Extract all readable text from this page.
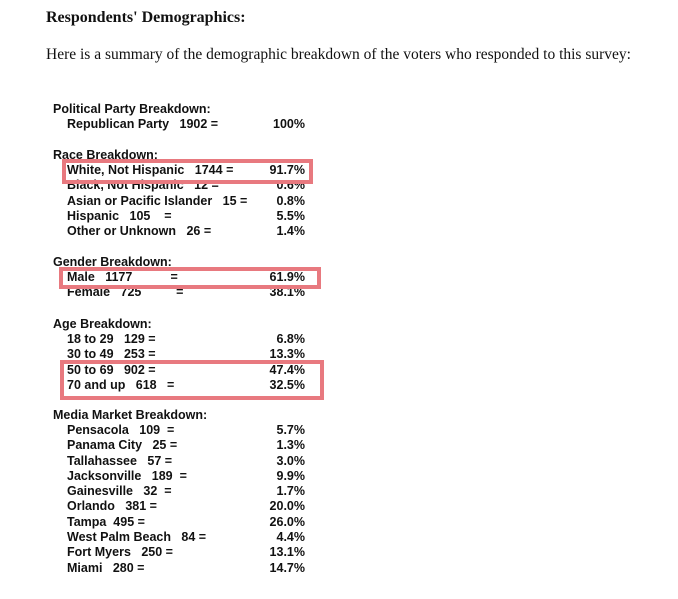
Respondents' Demographics:
Here is a summary of the demographic breakdown of the voters who responded to this survey:
Political Party Breakdown:
Republican Party   1902 =	100%
Race Breakdown:
White, Not Hispanic   1744 =	91.7%
Black, Not Hispanic   12 =	0.6%
Asian or Pacific Islander   15 =	0.8%
Hispanic   105    =	5.5%
Other or Unknown   26 =	1.4%
Gender Breakdown:
Male   1177           =	61.9%
Female   725          =	38.1%
Age Breakdown:
18 to 29   129 =	6.8%
30 to 49   253 =	13.3%
50 to 69   902 =	47.4%
70 and up   618   =	32.5%
Media Market Breakdown:
Pensacola   109  =	5.7%
Panama City   25 =	1.3%
Tallahassee   57 =	3.0%
Jacksonville   189  =	9.9%
Gainesville   32  =	1.7%
Orlando   381 =	20.0%
Tampa  495 =	26.0%
West Palm Beach   84 =	4.4%
Fort Myers   250 =	13.1%
Miami   280 =	14.7%
